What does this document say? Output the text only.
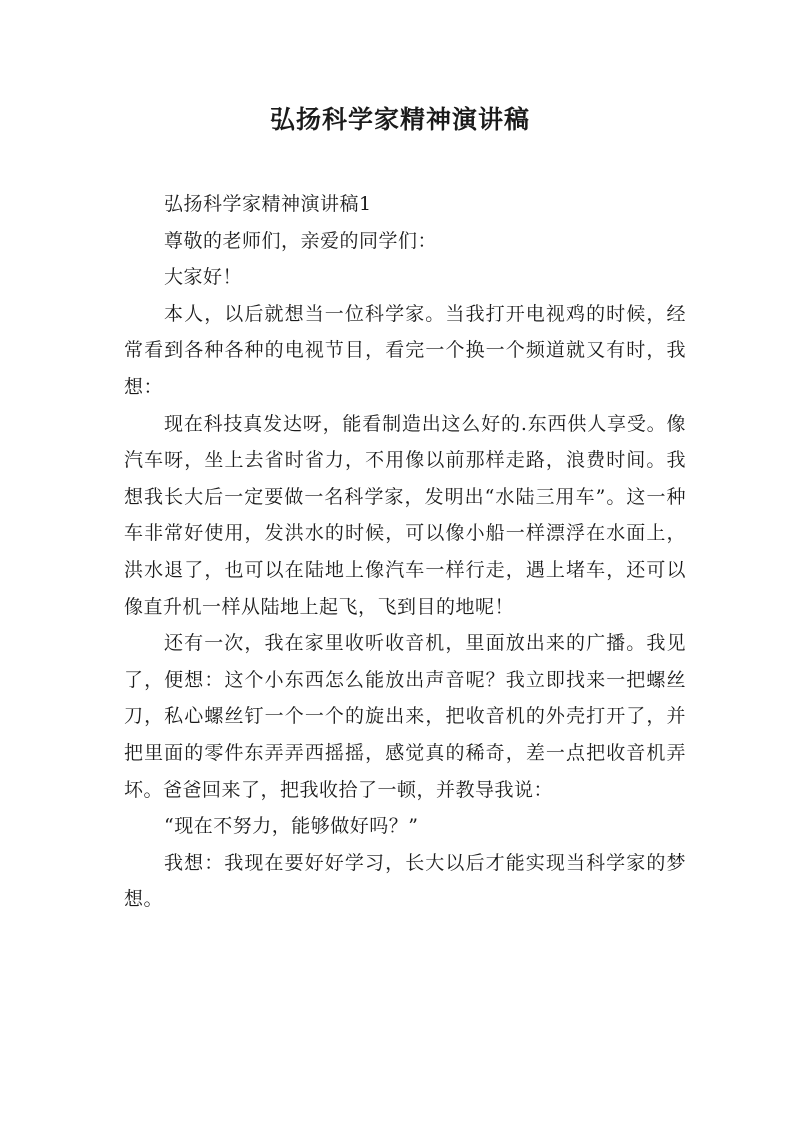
弘扬科学家精神演讲稿

弘扬科学家精神演讲稿1

尊敬的老师们，亲爱的同学们：

大家好！

本人，以后就想当一位科学家。当我打开电视鸡的时候，经常看到各种各种的电视节目，看完一个换一个频道就又有时，我想：

现在科技真发达呀，能看制造出这么好的.东西供人享受。像汽车呀，坐上去省时省力，不用像以前那样走路，浪费时间。我想我长大后一定要做一名科学家，发明出“水陆三用车”。这一种车非常好使用，发洪水的时候，可以像小船一样漂浮在水面上，洪水退了，也可以在陆地上像汽车一样行走，遇上堵车，还可以像直升机一样从陆地上起飞，飞到目的地呢！

还有一次，我在家里收听收音机，里面放出来的广播。我见了，便想：这个小东西怎么能放出声音呢？我立即找来一把螺丝刀，私心螺丝钉一个一个的旋出来，把收音机的外壳打开了，并把里面的零件东弄弄西摇摇，感觉真的稀奇，差一点把收音机弄坏。爸爸回来了，把我收拾了一顿，并教导我说：

“现在不努力，能够做好吗？”

我想：我现在要好好学习，长大以后才能实现当科学家的梦想。
